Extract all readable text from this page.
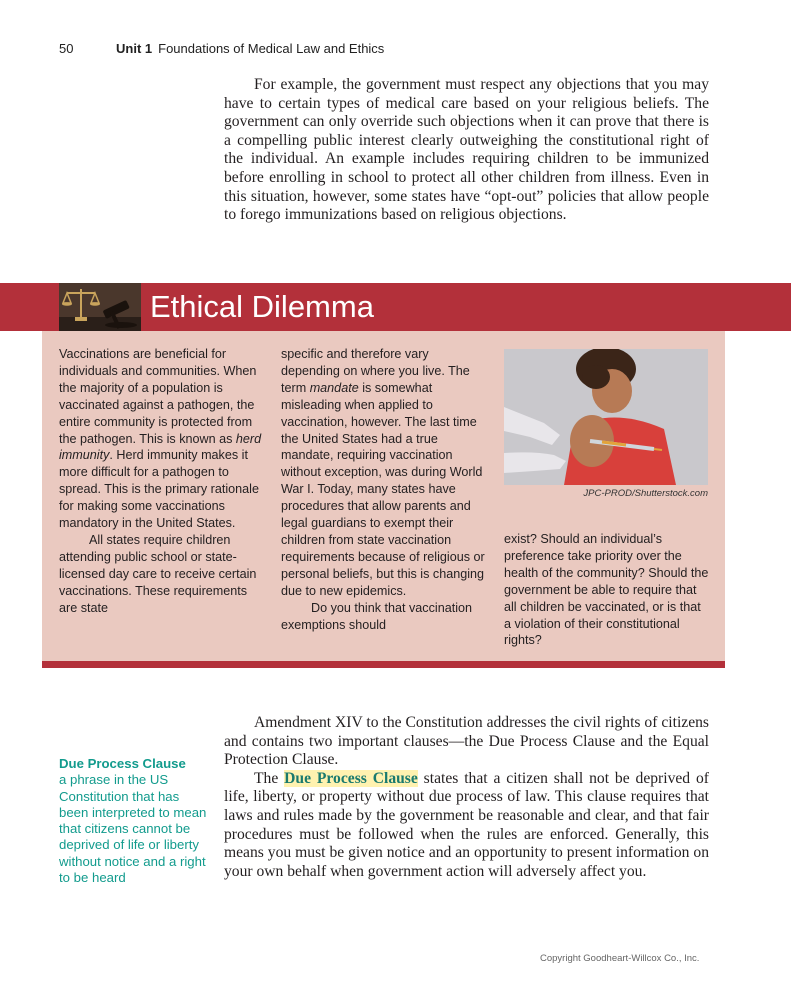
50	Unit 1 Foundations of Medical Law and Ethics

For example, the government must respect any objections that you may have to certain types of medical care based on your religious beliefs. The government can only override such objections when it can prove that there is a compelling public interest clearly outweighing the constitutional right of the individual. An example includes requiring children to be immunized before enrolling in school to protect all other children from illness. Even in this situation, however, some states have “opt-out” policies that allow people to forego immunizations based on religious objections.

Ethical Dilemma
Vaccinations are beneficial for individuals and communities. When the majority of a population is vaccinated against a pathogen, the entire community is protected from the pathogen. This is known as herd immunity. Herd immunity makes it more difficult for a pathogen to spread. This is the primary rationale for making some vaccinations mandatory in the United States.
All states require children attending public school or state-licensed day care to receive certain vaccinations. These requirements are state
specific and therefore vary depending on where you live. The term mandate is somewhat misleading when applied to vaccination, however. The last time the United States had a true mandate, requiring vaccination without exception, was during World War I. Today, many states have procedures that allow parents and legal guardians to exempt their children from state vaccination requirements because of religious or personal beliefs, but this is changing due to new epidemics.
Do you think that vaccination exemptions should
JPC-PROD/Shutterstock.com
exist? Should an individual’s preference take priority over the health of the community? Should the government be able to require that all children be vaccinated, or is that a violation of their constitutional rights?
Due Process Clause
a phrase in the US Constitution that has been interpreted to mean that citizens cannot be deprived of life or liberty without notice and a right to be heard

Amendment XIV to the Constitution addresses the civil rights of citizens and contains two important clauses—the Due Process Clause and the Equal Protection Clause.

The Due Process Clause states that a citizen shall not be deprived of life, liberty, or property without due process of law. This clause requires that laws and rules made by the government be reasonable and clear, and that fair procedures must be followed when the rules are enforced. Generally, this means you must be given notice and an opportunity to present information on your own behalf when government action will adversely affect you.

Copyright Goodheart-Willcox Co., Inc.
